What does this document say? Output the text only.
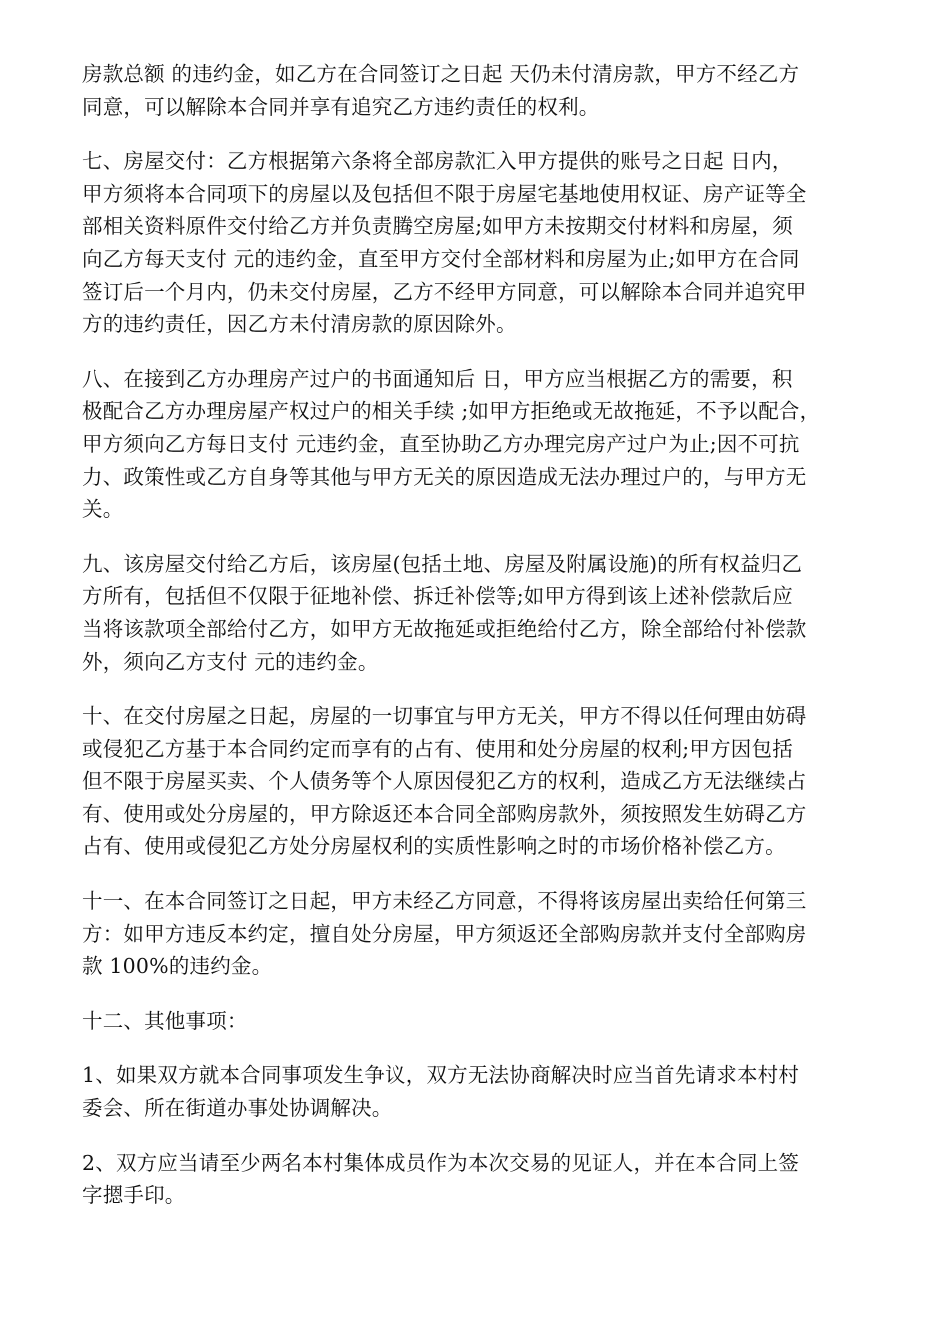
房款总额 的违约金，如乙方在合同签订之日起 天仍未付清房款，甲方不经乙方
同意，可以解除本合同并享有追究乙方违约责任的权利。
七、房屋交付：乙方根据第六条将全部房款汇入甲方提供的账号之日起 日内，
甲方须将本合同项下的房屋以及包括但不限于房屋宅基地使用权证、房产证等全
部相关资料原件交付给乙方并负责腾空房屋;如甲方未按期交付材料和房屋，须
向乙方每天支付 元的违约金，直至甲方交付全部材料和房屋为止;如甲方在合同
签订后一个月内，仍未交付房屋，乙方不经甲方同意，可以解除本合同并追究甲
方的违约责任，因乙方未付清房款的原因除外。
八、在接到乙方办理房产过户的书面通知后 日，甲方应当根据乙方的需要，积
极配合乙方办理房屋产权过户的相关手续 ;如甲方拒绝或无故拖延，不予以配合，
甲方须向乙方每日支付 元违约金，直至协助乙方办理完房产过户为止;因不可抗
力、政策性或乙方自身等其他与甲方无关的原因造成无法办理过户的，与甲方无
关。
九、该房屋交付给乙方后，该房屋(包括土地、房屋及附属设施)的所有权益归乙
方所有，包括但不仅限于征地补偿、拆迁补偿等;如甲方得到该上述补偿款后应
当将该款项全部给付乙方，如甲方无故拖延或拒绝给付乙方，除全部给付补偿款
外，须向乙方支付 元的违约金。
十、在交付房屋之日起，房屋的一切事宜与甲方无关，甲方不得以任何理由妨碍
或侵犯乙方基于本合同约定而享有的占有、使用和处分房屋的权利;甲方因包括
但不限于房屋买卖、个人债务等个人原因侵犯乙方的权利，造成乙方无法继续占
有、使用或处分房屋的，甲方除返还本合同全部购房款外，须按照发生妨碍乙方
占有、使用或侵犯乙方处分房屋权利的实质性影响之时的市场价格补偿乙方。
十一、在本合同签订之日起，甲方未经乙方同意，不得将该房屋出卖给任何第三
方：如甲方违反本约定，擅自处分房屋，甲方须返还全部购房款并支付全部购房
款 100%的违约金。
十二、其他事项：
1、如果双方就本合同事项发生争议，双方无法协商解决时应当首先请求本村村
委会、所在街道办事处协调解决。
2、双方应当请至少两名本村集体成员作为本次交易的见证人，并在本合同上签
字摁手印。
